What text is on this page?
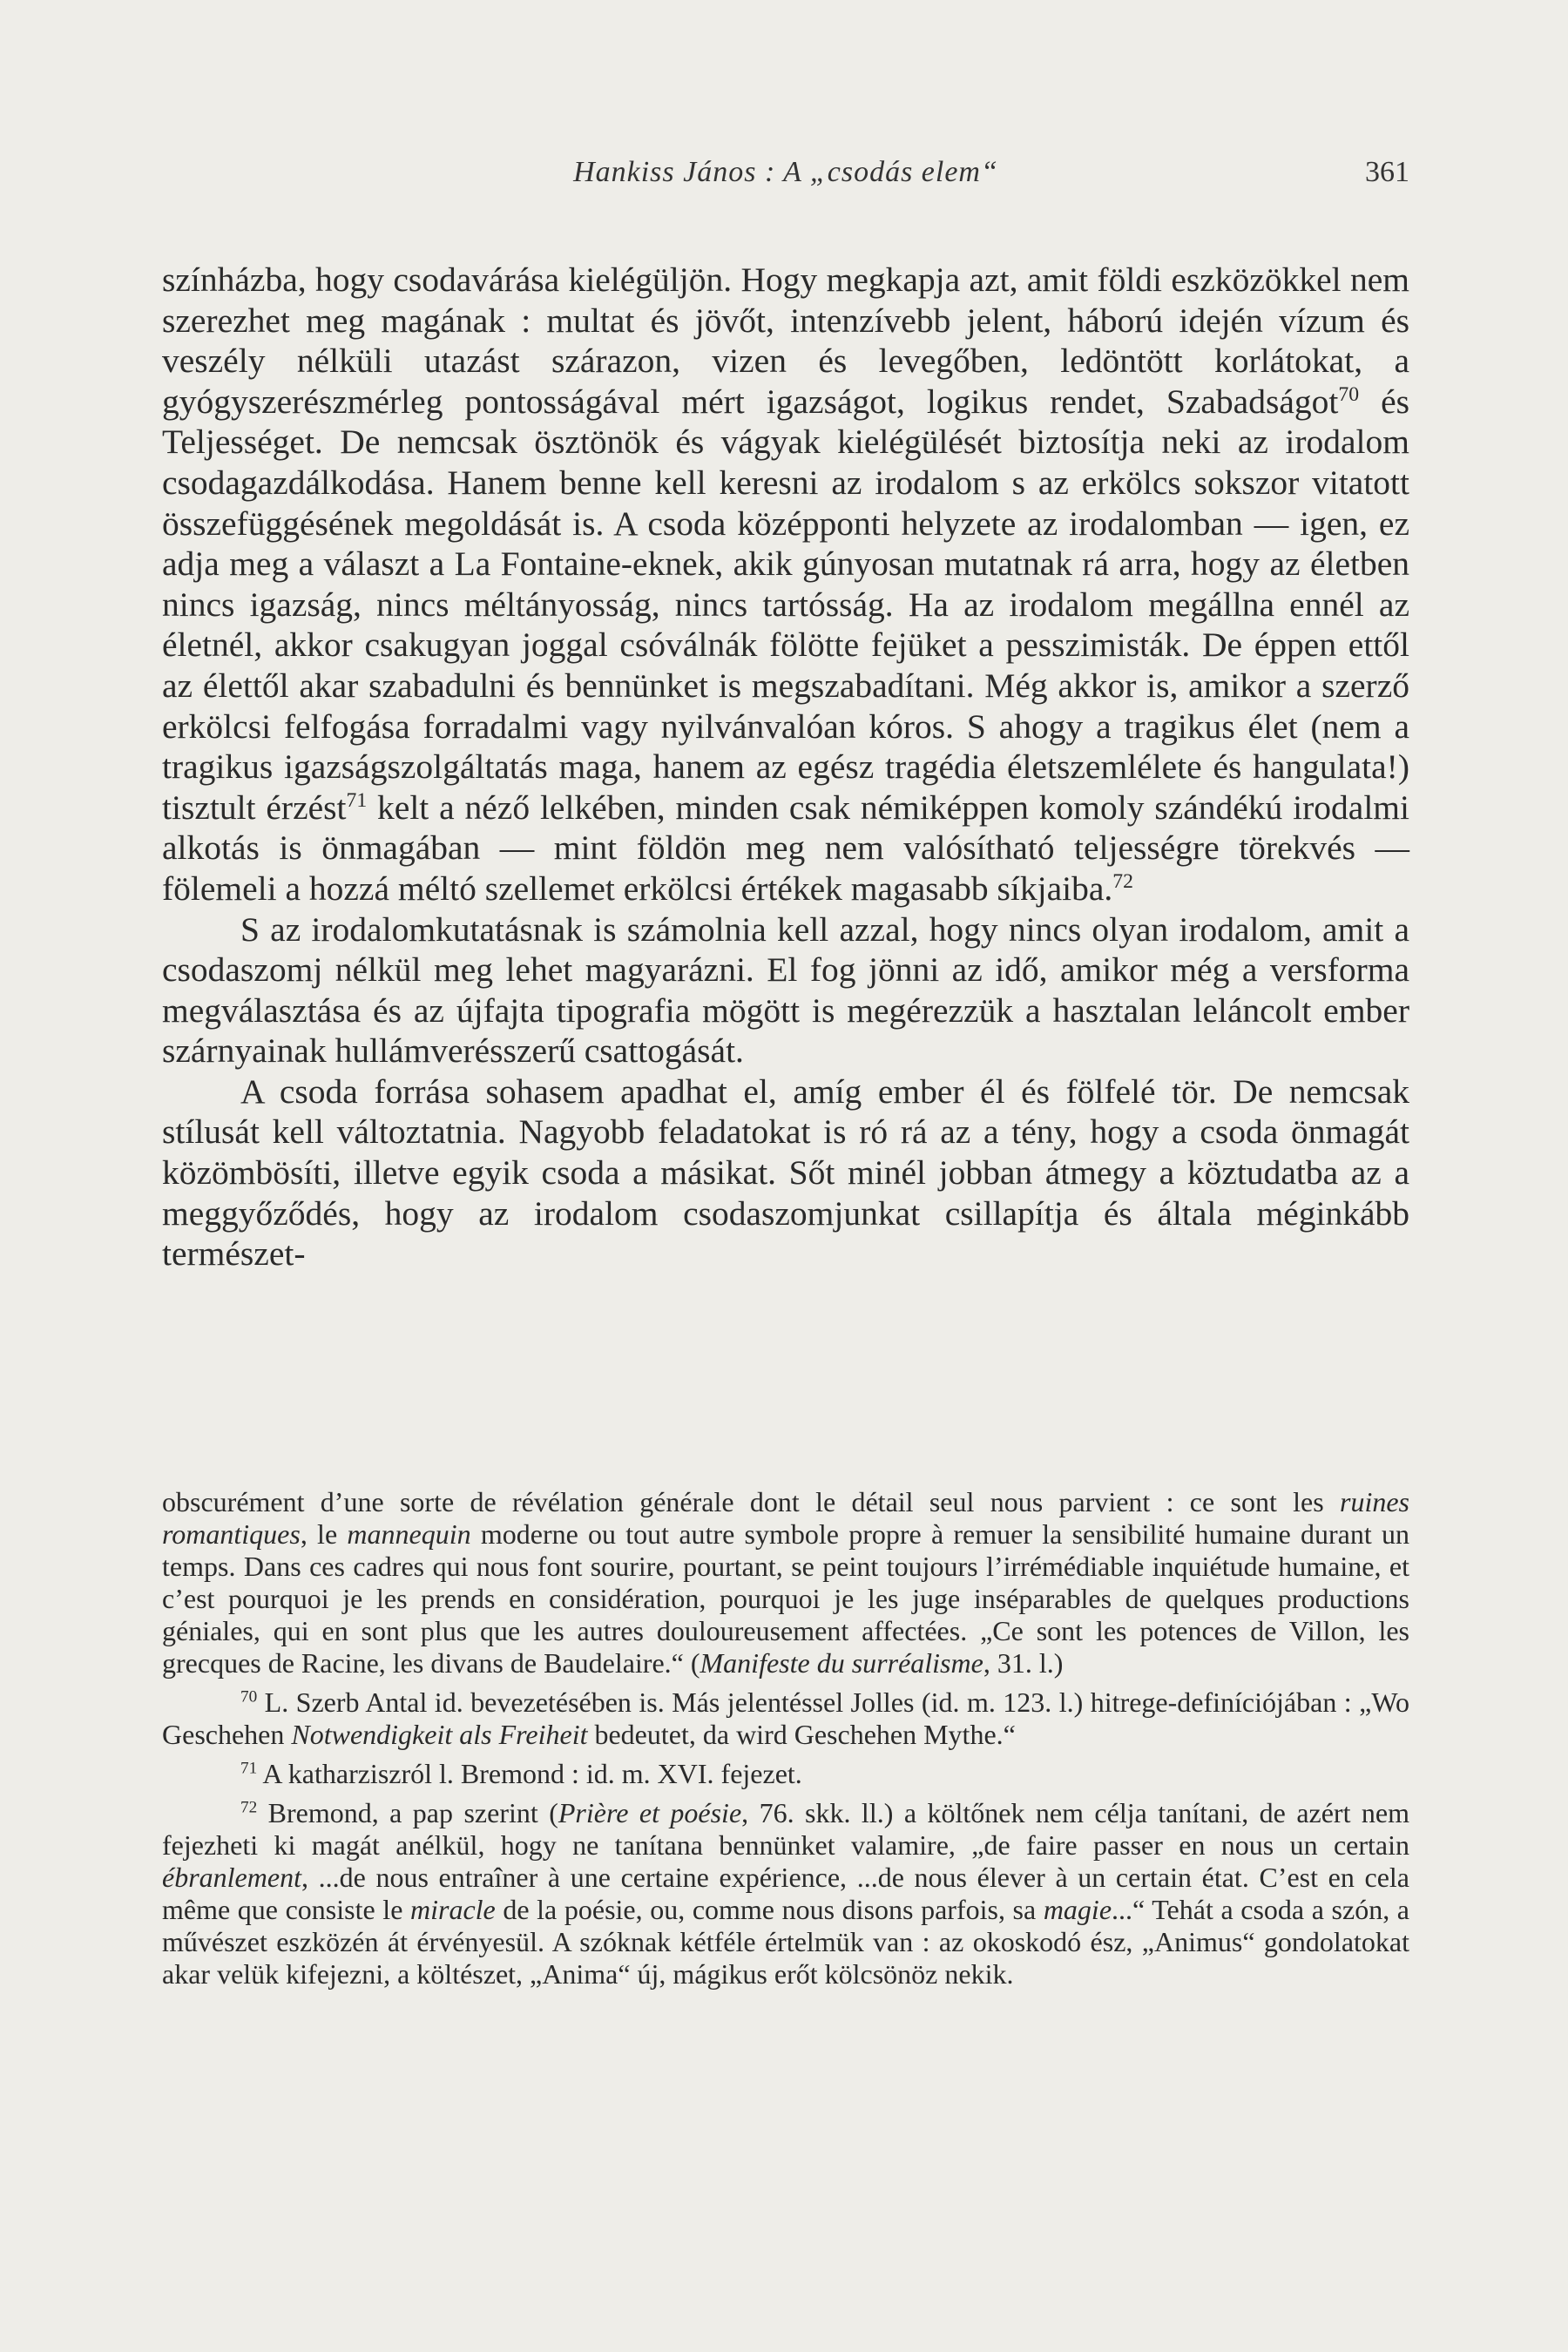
Hankiss János : A „csodás elem“	361

színházba, hogy csodavárása kielégüljön. Hogy megkapja azt, amit földi eszközökkel nem szerezhet meg magának : multat és jövőt, intenzívebb jelent, háború idején vízum és veszély nélküli utazást szárazon, vizen és levegőben, ledöntött korlátokat, a gyógyszerészmérleg pontosságával mért igazságot, logikus rendet, Szabadságot$^{70}$ és Teljességet. De nemcsak ösztönök és vágyak kielégülését biztosítja neki az irodalom csodagazdálkodása. Hanem benne kell keresni az irodalom s az erkölcs sokszor vitatott összefüggésének megoldását is. A csoda középponti helyzete az irodalomban — igen, ez adja meg a választ a La Fontaine-eknek, akik gúnyosan mutatnak rá arra, hogy az életben nincs igazság, nincs méltányosság, nincs tartósság. Ha az irodalom megállna ennél az életnél, akkor csakugyan joggal csóválnák fölötte fejüket a pesszimisták. De éppen ettől az élettől akar szabadulni és bennünket is megszabadítani. Még akkor is, amikor a szerző erkölcsi felfogása forradalmi vagy nyilvánvalóan kóros. S ahogy a tragikus élet (nem a tragikus igazságszolgáltatás maga, hanem az egész tragédia életszemlélete és hangulata!) tisztult érzést$^{71}$ kelt a néző lelkében, minden csak némiképpen komoly szándékú irodalmi alkotás is önmagában — mint földön meg nem valósítható teljességre törekvés — fölemeli a hozzá méltó szellemet erkölcsi értékek magasabb síkjaiba.$^{72}$

S az irodalomkutatásnak is számolnia kell azzal, hogy nincs olyan irodalom, amit a csodaszomj nélkül meg lehet magyarázni. El fog jönni az idő, amikor még a versforma megválasztása és az újfajta tipografia mögött is megérezzük a hasztalan leláncolt ember szárnyainak hullámverésszerű csattogását.

A csoda forrása sohasem apadhat el, amíg ember él és fölfelé tör. De nemcsak stílusát kell változtatnia. Nagyobb feladatokat is ró rá az a tény, hogy a csoda önmagát közömbösíti, illetve egyik csoda a másikat. Sőt minél jobban átmegy a köztudatba az a meggyőződés, hogy az irodalom csodaszomjunkat csillapítja és általa méginkább természet-

obscurément d’une sorte de révélation générale dont le détail seul nous parvient : ce sont les ruines romantiques, le mannequin moderne ou tout autre symbole propre à remuer la sensibilité humaine durant un temps. Dans ces cadres qui nous font sourire, pourtant, se peint toujours l’irrémédiable inquiétude humaine, et c’est pourquoi je les prends en considération, pourquoi je les juge inséparables de quelques productions géniales, qui en sont plus que les autres douloureusement affectées. „Ce sont les potences de Villon, les grecques de Racine, les divans de Baudelaire.“ (Manifeste du surréalisme, 31. l.)

$^{70}$ L. Szerb Antal id. bevezetésében is. Más jelentéssel Jolles (id. m. 123. l.) hitrege-definíciójában : „Wo Geschehen Notwendigkeit als Freiheit bedeutet, da wird Geschehen Mythe.“

$^{71}$ A katharziszról l. Bremond : id. m. XVI. fejezet.

$^{72}$ Bremond, a pap szerint (Prière et poésie, 76. skk. ll.) a költőnek nem célja tanítani, de azért nem fejezheti ki magát anélkül, hogy ne tanítana bennünket valamire, „de faire passer en nous un certain ébranlement, ...de nous entraîner à une certaine expérience, ...de nous élever à un certain état. C’est en cela même que consiste le miracle de la poésie, ou, comme nous disons parfois, sa magie...“ Tehát a csoda a szón, a művészet eszközén át érvényesül. A szóknak kétféle értelmük van : az okoskodó ész, „Animus“ gondolatokat akar velük kifejezni, a költészet, „Anima“ új, mágikus erőt kölcsönöz nekik.
